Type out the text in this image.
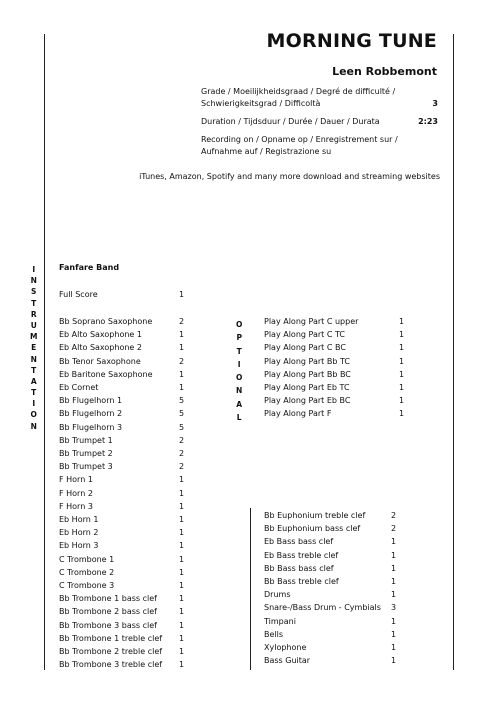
MORNING TUNE
Leen Robbemont
Grade / Moeilijkheidsgraad / Degré de difficulté /
Schwierigkeitsgrad / Difficoltà	3
Duration / Tijdsduur / Durée / Dauer / Durata	2:23
Recording on / Opname op / Enregistrement sur /
Aufnahme auf / Registrazione su
iTunes, Amazon, Spotify and many more download and streaming websites
I
N
S
T
R
U
M
E
N
T
A
T
I
O
N
O
P
T
I
O
N
A
L
Fanfare Band
Full Score	1
Bb Soprano Saxophone	2
Eb Alto Saxophone 1	1
Eb Alto Saxophone 2	1
Bb Tenor Saxophone	2
Eb Baritone Saxophone	1
Eb Cornet	1
Bb Flugelhorn 1	5
Bb Flugelhorn 2	5
Bb Flugelhorn 3	5
Bb Trumpet 1	2
Bb Trumpet 2	2
Bb Trumpet 3	2
F Horn 1	1
F Horn 2	1
F Horn 3	1
Eb Horn 1	1
Eb Horn 2	1
Eb Horn 3	1
C Trombone 1	1
C Trombone 2	1
C Trombone 3	1
Bb Trombone 1 bass clef	1
Bb Trombone 2 bass clef	1
Bb Trombone 3 bass clef	1
Bb Trombone 1 treble clef 1
Bb Trombone 2 treble clef 1
Bb Trombone 3 treble clef 1
Play Along Part C upper	1
Play Along Part C TC	1
Play Along Part C BC	1
Play Along Part Bb TC	1
Play Along Part Bb BC	1
Play Along Part Eb TC	1
Play Along Part Eb BC	1
Play Along Part F	1
Bb Euphonium treble clef	2
Bb Euphonium bass clef	2
Eb Bass bass clef	1
Eb Bass treble clef	1
Bb Bass bass clef	1
Bb Bass treble clef	1
Drums	1
Snare-/Bass Drum - Cymbials 3
Timpani	1
Bells	1
Xylophone	1
Bass Guitar	1
